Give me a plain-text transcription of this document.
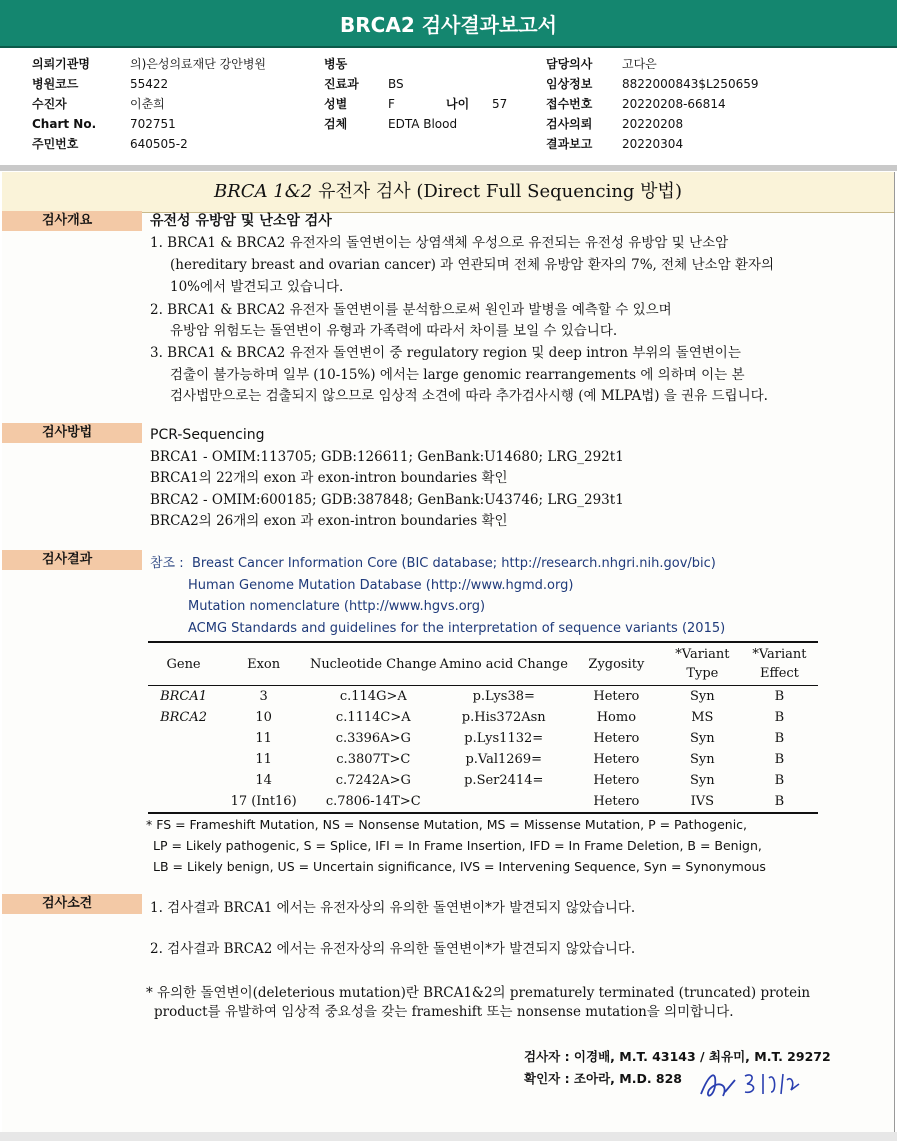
BRCA2 검사결과보고서
의뢰기관명	의)은성의료재단 강안병원
병원코드	55422
수진자	이춘희
Chart No.	702751
주민번호	640505-2
병동
진료과	BS
성별	F	나이	57
검체	EDTA Blood
담당의사	고다은
임상정보	8822000843$L250659
접수번호	20220208-66814
검사의뢰	20220208
결과보고	20220304
BRCA 1&2 유전자 검사 (Direct Full Sequencing 방법)
검사개요	유전성 유방암 및 난소암 검사
1. BRCA1 & BRCA2 유전자의 돌연변이는 상염색체 우성으로 유전되는 유전성 유방암 및 난소암
(hereditary breast and ovarian cancer) 과 연관되며 전체 유방암 환자의 7%, 전체 난소암 환자의
10%에서 발견되고 있습니다.
2. BRCA1 & BRCA2 유전자 돌연변이를 분석함으로써 원인과 발병을 예측할 수 있으며
유방암 위험도는 돌연변이 유형과 가족력에 따라서 차이를 보일 수 있습니다.
3. BRCA1 & BRCA2 유전자 돌연변이 중 regulatory region 및 deep intron 부위의 돌연변이는
검출이 불가능하며 일부 (10-15%) 에서는 large genomic rearrangements 에 의하며 이는 본
검사법만으로는 검출되지 않으므로 임상적 소견에 따라 추가검사시행 (예 MLPA법) 을 권유 드립니다.
검사방법	PCR-Sequencing
BRCA1 - OMIM:113705; GDB:126611; GenBank:U14680; LRG_292t1
BRCA1의 22개의 exon 과 exon-intron boundaries 확인
BRCA2 - OMIM:600185; GDB:387848; GenBank:U43746; LRG_293t1
BRCA2의 26개의 exon 과 exon-intron boundaries 확인
검사결과	참조 : Breast Cancer Information Core (BIC database; http://research.nhgri.nih.gov/bic)
Human Genome Mutation Database (http://www.hgmd.org)
Mutation nomenclature (http://www.hgvs.org)
ACMG Standards and guidelines for the interpretation of sequence variants (2015)
Gene	Exon	Nucleotide Change	Amino acid Change	Zygosity	*Variant Type	*Variant Effect
BRCA1	3	c.114G>A	p.Lys38=	Hetero	Syn	B
BRCA2	10	c.1114C>A	p.His372Asn	Homo	MS	B
	11	c.3396A>G	p.Lys1132=	Hetero	Syn	B
	11	c.3807T>C	p.Val1269=	Hetero	Syn	B
	14	c.7242A>G	p.Ser2414=	Hetero	Syn	B
	17 (Int16)	c.7806-14T>C		Hetero	IVS	B
* FS = Frameshift Mutation, NS = Nonsense Mutation, MS = Missense Mutation, P = Pathogenic,
LP = Likely pathogenic, S = Splice, IFI = In Frame Insertion, IFD = In Frame Deletion, B = Benign,
LB = Likely benign, US = Uncertain significance, IVS = Intervening Sequence, Syn = Synonymous
검사소견	1. 검사결과 BRCA1 에서는 유전자상의 유의한 돌연변이*가 발견되지 않았습니다.
2. 검사결과 BRCA2 에서는 유전자상의 유의한 돌연변이*가 발견되지 않았습니다.
* 유의한 돌연변이(deleterious mutation)란 BRCA1&2의 prematurely terminated (truncated) protein
product를 유발하여 임상적 중요성을 갖는 frameshift 또는 nonsense mutation을 의미합니다.
검사자 : 이경배, M.T. 43143 / 최유미, M.T. 29272
확인자 : 조아라, M.D. 828
